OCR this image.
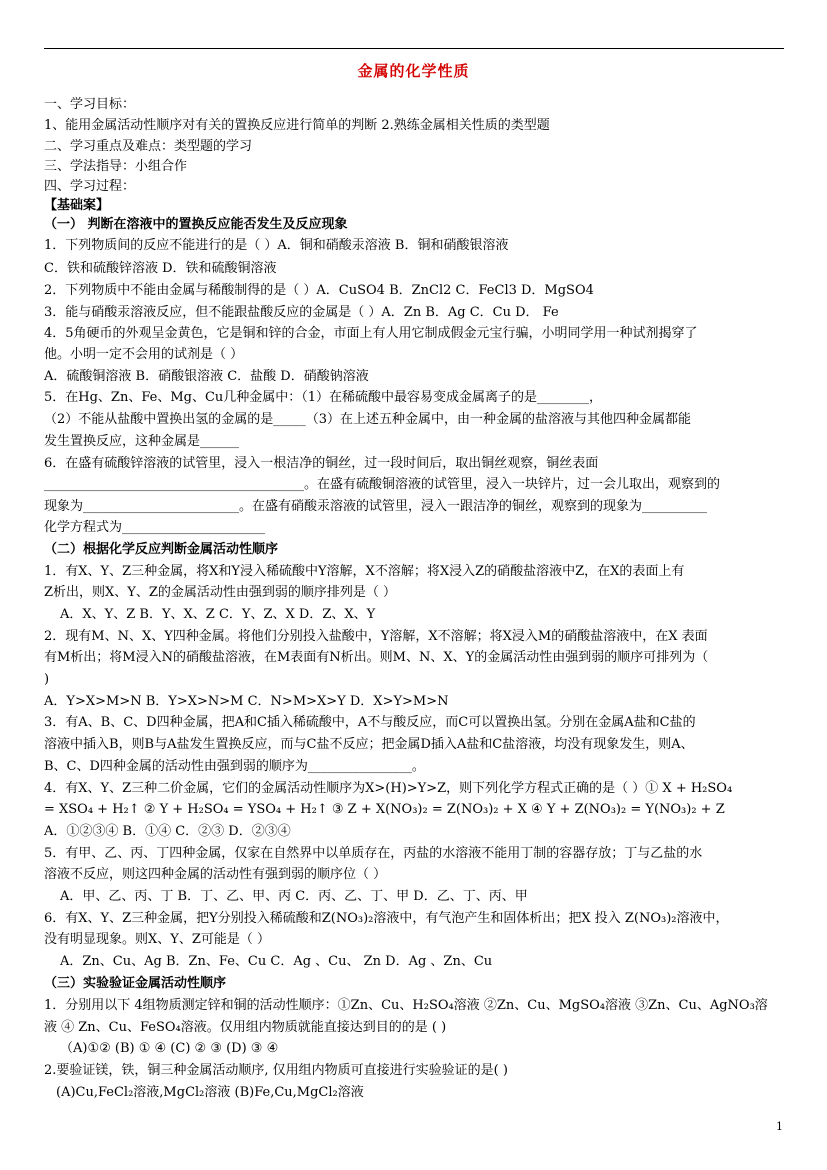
金属的化学性质
一、学习目标：
1、能用金属活动性顺序对有关的置换反应进行简单的判断 2.熟练金属相关性质的类型题
二、学习重点及难点：类型题的学习
三、学法指导：小组合作
四、学习过程：
【基础案】
（一） 判断在溶液中的置换反应能否发生及反应现象
1．下列物质间的反应不能进行的是（ ）A．铜和硝酸汞溶液 B．铜和硝酸银溶液
C．铁和硫酸锌溶液 D．铁和硫酸铜溶液
2．下列物质中不能由金属与稀酸制得的是（ ）A．CuSO4 B．ZnCl2 C．FeCl3 D．MgSO4
3．能与硝酸汞溶液反应，但不能跟盐酸反应的金属是（ ）A．Zn B．Ag C．Cu D． Fe
4．5角硬币的外观呈金黄色，它是铜和锌的合金，市面上有人用它制成假金元宝行骗，小明同学用一种试剂揭穿了
他。小明一定不会用的试剂是（ ）
A．硫酸铜溶液 B．硝酸银溶液 C．盐酸 D．硝酸钠溶液
5．在Hg、Zn、Fe、Mg、Cu几种金属中：（1）在稀硫酸中最容易变成金属离子的是________，
（2）不能从盐酸中置换出氢的金属的是_____（3）在上述五种金属中，由一种金属的盐溶液与其他四种金属都能
发生置换反应，这种金属是______
6．在盛有硫酸锌溶液的试管里，浸入一根洁净的铜丝，过一段时间后，取出铜丝观察，铜丝表面
________________________________________。在盛有硫酸铜溶液的试管里，浸入一块锌片，过一会儿取出，观察到的
现象为________________________。在盛有硝酸汞溶液的试管里，浸入一跟洁净的铜丝，观察到的现象为__________
化学方程式为______________________
（二）根据化学反应判断金属活动性顺序
1．有X、Y、Z三种金属，将X和Y浸入稀硫酸中Y溶解，X不溶解；将X浸入Z的硝酸盐溶液中Z，在X的表面上有
Z析出，则X、Y、Z的金属活动性由强到弱的顺序排列是（ ）
A．X、Y、Z B．Y、X、Z C．Y、Z、X D．Z、X、Y
2．现有M、N、X、Y四种金属。将他们分别投入盐酸中，Y溶解，X不溶解；将X浸入M的硝酸盐溶液中，在X 表面
有M析出；将M浸入N的硝酸盐溶液，在M表面有N析出。则M、N、X、Y的金属活动性由强到弱的顺序可排列为（
)
A．Y>X>M>N B．Y>X>N>M C．N>M>X>Y D．X>Y>M>N
3．有A、B、C、D四种金属，把A和C插入稀硫酸中，A不与酸反应，而C可以置换出氢。分别在金属A盐和C盐的
溶液中插入B，则B与A盐发生置换反应，而与C盐不反应；把金属D插入A盐和C盐溶液，均没有现象发生，则A、
B、C、D四种金属的活动性由强到弱的顺序为________________。
4．有X、Y、Z三种二价金属，它们的金属活动性顺序为X>(H)>Y>Z，则下列化学方程式正确的是（ ）① X + H₂SO₄
= XSO₄ + H₂↑ ② Y + H₂SO₄ = YSO₄ + H₂↑ ③ Z + X(NO₃)₂ = Z(NO₃)₂ + X ④ Y + Z(NO₃)₂ = Y(NO₃)₂ + Z
A．①②③④ B．①④ C．②③ D．②③④
5．有甲、乙、丙、丁四种金属，仅家在自然界中以单质存在，丙盐的水溶液不能用丁制的容器存放；丁与乙盐的水
溶液不反应，则这四种金属的活动性有强到弱的顺序位（ ）
A．甲、乙、丙、丁 B．丁、乙、甲、丙 C．丙、乙、丁、甲 D．乙、丁、丙、甲
6．有X、Y、Z三种金属，把Y分别投入稀硫酸和Z(NO₃)₂溶液中，有气泡产生和固体析出；把X 投入 Z(NO₃)₂溶液中，
没有明显现象。则X、Y、Z可能是（ ）
A．Zn、Cu、Ag B．Zn、Fe、Cu C．Ag 、Cu、 Zn D．Ag 、Zn、Cu
（三）实验验证金属活动性顺序
1．分别用以下 4组物质测定锌和铜的活动性顺序：①Zn、Cu、H₂SO₄溶液 ②Zn、Cu、MgSO₄溶液 ③Zn、Cu、AgNO₃溶
液 ④ Zn、Cu、FeSO₄溶液。仅用组内物质就能直接达到目的的是 ( )
（A)①② (B) ① ④ (C) ② ③ (D) ③ ④
2.要验证镁，铁，铜三种金属活动顺序, 仅用组内物质可直接进行实验验证的是( )
(A)Cu,FeCl₂溶液,MgCl₂溶液 (B)Fe,Cu,MgCl₂溶液
1
